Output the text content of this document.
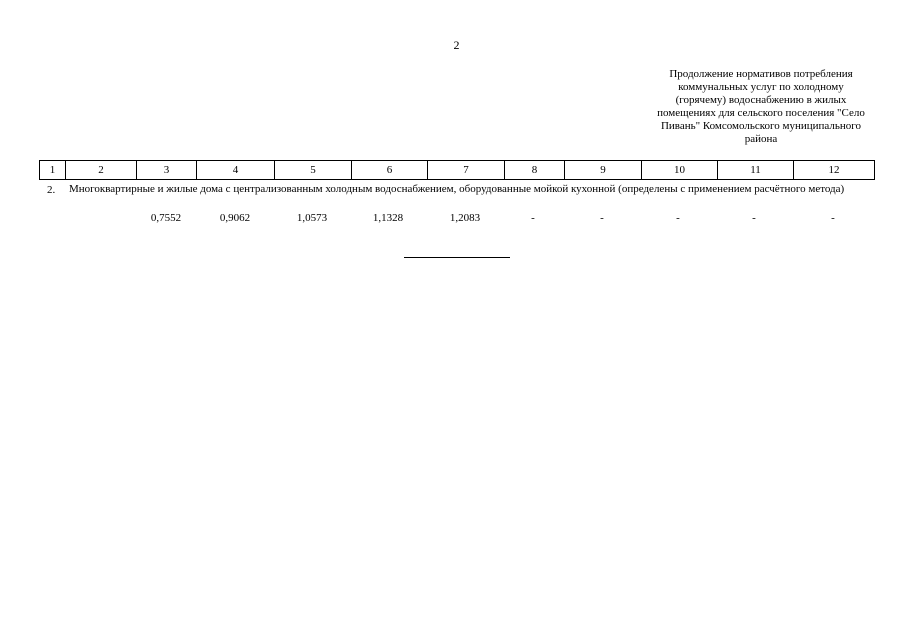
2
Продолжение нормативов потребления
коммунальных услуг по холодному
(горячему) водоснабжению в жилых
помещениях для сельского поселения "Село
Пивань" Комсомольского муниципального
района
1	2	3	4	5	6	7	8	9	10	11	12
2. Многоквартирные и жилые дома с централизованным холодным водоснабжением, оборудованные мойкой кухонной (определены с применением расчётного метода)
0,7552	0,9062	1,0573	1,1328	1,2083	-	-	-	-	-
